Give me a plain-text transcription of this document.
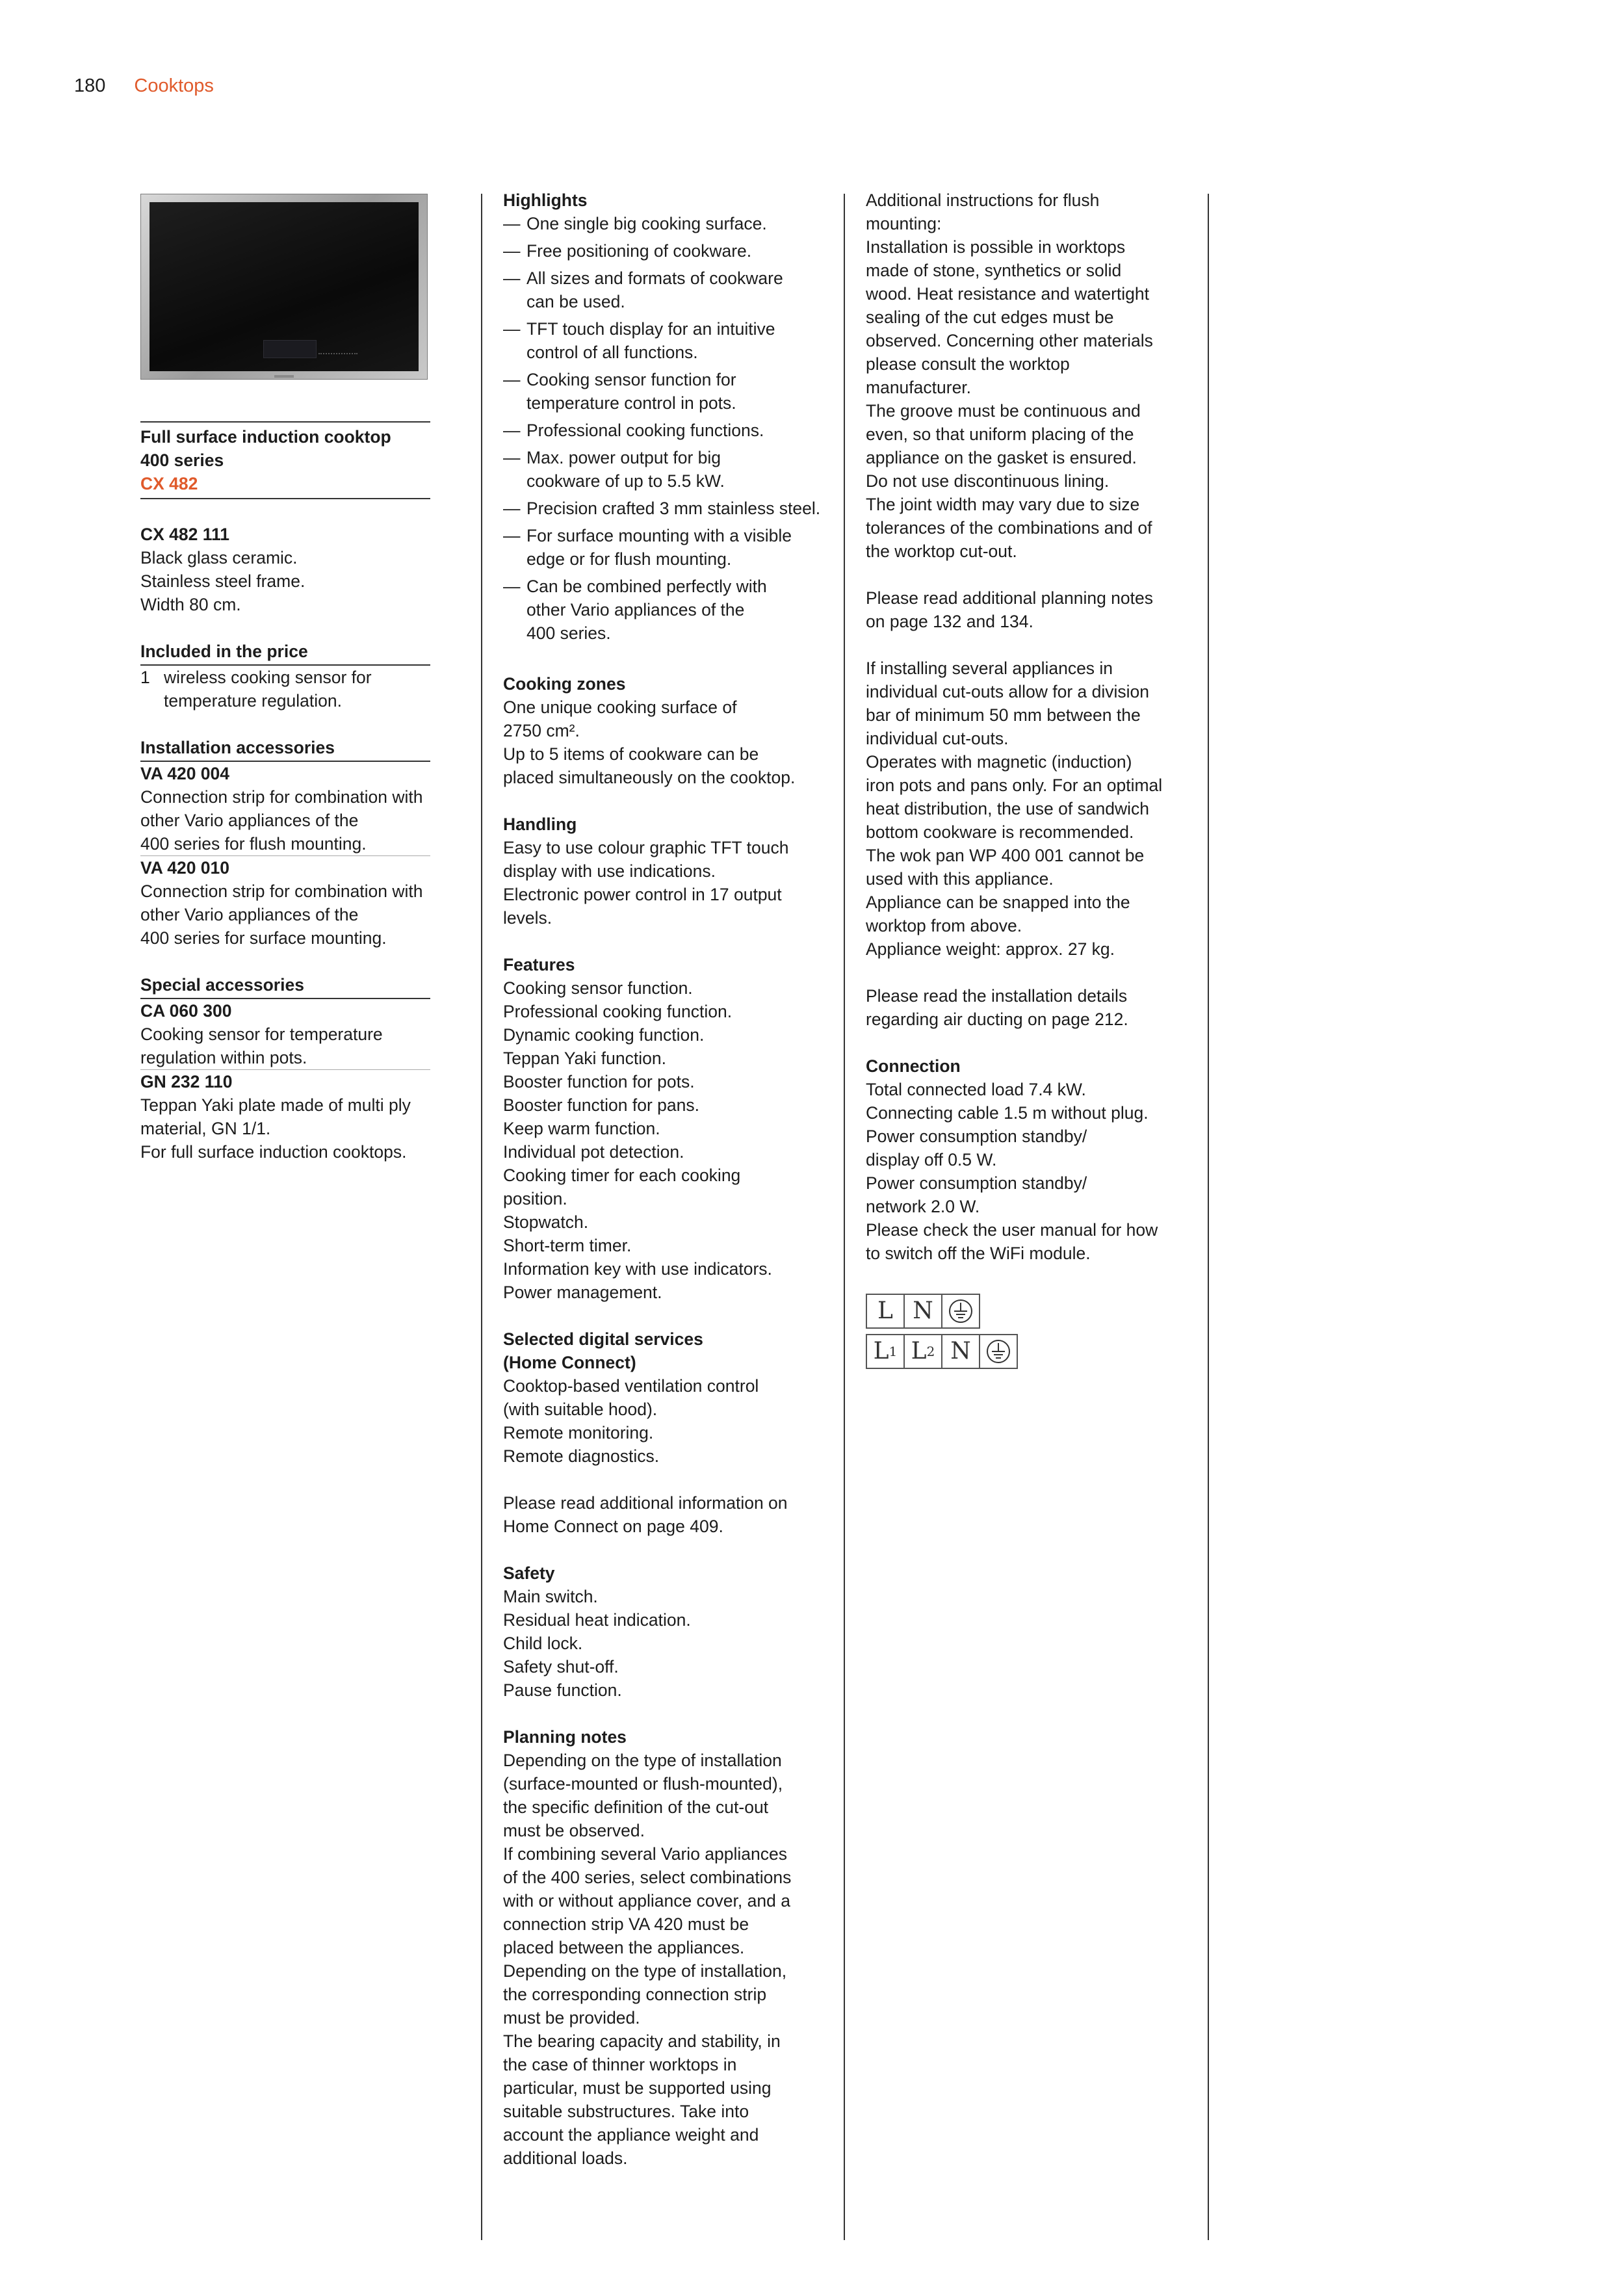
180 Cooktops
Full surface induction cooktop
400 series
CX 482
CX 482 111
Black glass ceramic.
Stainless steel frame.
Width 80 cm.
Included in the price
1 wireless cooking sensor for
temperature regulation.
Installation accessories
VA 420 004
Connection strip for combination with
other Vario appliances of the
400 series for flush mounting.
VA 420 010
Connection strip for combination with
other Vario appliances of the
400 series for surface mounting.
Special accessories
CA 060 300
Cooking sensor for temperature
regulation within pots.
GN 232 110
Teppan Yaki plate made of multi ply
material, GN 1/1.
For full surface induction cooktops.
Highlights
— One single big cooking surface.
— Free positioning of cookware.
— All sizes and formats of cookware
can be used.
— TFT touch display for an intuitive
control of all functions.
— Cooking sensor function for
temperature control in pots.
— Professional cooking functions.
— Max. power output for big
cookware of up to 5.5 kW.
— Precision crafted 3 mm stainless steel.
— For surface mounting with a visible
edge or for flush mounting.
— Can be combined perfectly with
other Vario appliances of the
400 series.
Cooking zones
One unique cooking surface of
2750 cm².
Up to 5 items of cookware can be
placed simultaneously on the cooktop.
Handling
Easy to use colour graphic TFT touch
display with use indications.
Electronic power control in 17 output
levels.
Features
Cooking sensor function.
Professional cooking function.
Dynamic cooking function.
Teppan Yaki function.
Booster function for pots.
Booster function for pans.
Keep warm function.
Individual pot detection.
Cooking timer for each cooking
position.
Stopwatch.
Short-term timer.
Information key with use indicators.
Power management.
Selected digital services
(Home Connect)
Cooktop-based ventilation control
(with suitable hood).
Remote monitoring.
Remote diagnostics.
Please read additional information on
Home Connect on page 409.
Safety
Main switch.
Residual heat indication.
Child lock.
Safety shut-off.
Pause function.
Planning notes
Depending on the type of installation
(surface-mounted or flush-mounted),
the specific definition of the cut-out
must be observed.
If combining several Vario appliances
of the 400 series, select combinations
with or without appliance cover, and a
connection strip VA 420 must be
placed between the appliances.
Depending on the type of installation,
the corresponding connection strip
must be provided.
The bearing capacity and stability, in
the case of thinner worktops in
particular, must be supported using
suitable substructures. Take into
account the appliance weight and
additional loads.
Additional instructions for flush
mounting:
Installation is possible in worktops
made of stone, synthetics or solid
wood. Heat resistance and watertight
sealing of the cut edges must be
observed. Concerning other materials
please consult the worktop
manufacturer.
The groove must be continuous and
even, so that uniform placing of the
appliance on the gasket is ensured.
Do not use discontinuous lining.
The joint width may vary due to size
tolerances of the combinations and of
the worktop cut-out.
Please read additional planning notes
on page 132 and 134.
If installing several appliances in
individual cut-outs allow for a division
bar of minimum 50 mm between the
individual cut-outs.
Operates with magnetic (induction)
iron pots and pans only. For an optimal
heat distribution, the use of sandwich
bottom cookware is recommended.
The wok pan WP 400 001 cannot be
used with this appliance.
Appliance can be snapped into the
worktop from above.
Appliance weight: approx. 27 kg.
Please read the installation details
regarding air ducting on page 212.
Connection
Total connected load 7.4 kW.
Connecting cable 1.5 m without plug.
Power consumption standby/
display off 0.5 W.
Power consumption standby/
network 2.0 W.
Please check the user manual for how
to switch off the WiFi module.
L N
L 1 L 2 N
